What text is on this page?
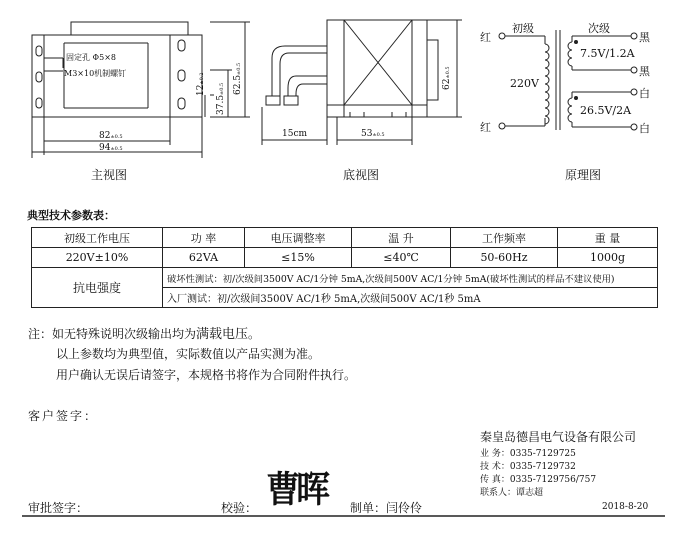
固定孔 Φ5×8
M3×10机制螺钉
82±0.5
94±0.5
12±0.2
37.5±0.5 62.5±0.5
主视图
15cm	53±0.5
62±0.5
底视图
初级	次级
红
红
220V
黑
黑
白
白
7.5V/1.2A
26.5V/2A
原理图
典型技术参数表：
初级工作电压	功 率	电压调整率	温 升	工作频率	重 量
220V±10%	62VA	≤15%	≤40℃	50-60Hz	1000g
抗电强度	破坏性测试：初/次级间3500V AC/1分钟 5mA,次级间500V AC/1分钟 5mA(破坏性测试的样品不建议使用)				
	入厂测试：初/次级间3500V AC/1秒 5mA,次级间500V AC/1秒 5mA				
注：如无特殊说明次级输出均为满载电压。
以上参数均为典型值，实际数值以产品实测为准。
用户确认无误后请签字，本规格书将作为合同附件执行。
客户签字：
秦皇岛德昌电气设备有限公司
业 务：0335-7129725
技 术：0335-7129732
传 真：0335-7129756/757
联系人：谭志超
审批签字：	校验： 曹晖 制单：闫伶伶	2018-8-20
